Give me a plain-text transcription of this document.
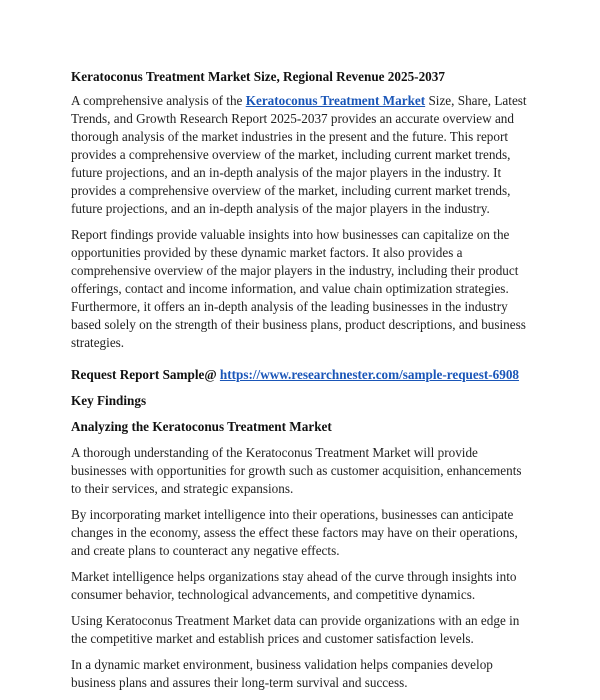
Keratoconus Treatment Market Size, Regional Revenue 2025-2037

A comprehensive analysis of the Keratoconus Treatment Market Size, Share, Latest Trends, and Growth Research Report 2025-2037 provides an accurate overview and thorough analysis of the market industries in the present and the future. This report provides a comprehensive overview of the market, including current market trends, future projections, and an in-depth analysis of the major players in the industry. It provides a comprehensive overview of the market, including current market trends, future projections, and an in-depth analysis of the major players in the industry.

Report findings provide valuable insights into how businesses can capitalize on the opportunities provided by these dynamic market factors. It also provides a comprehensive overview of the major players in the industry, including their product offerings, contact and income information, and value chain optimization strategies. Furthermore, it offers an in-depth analysis of the leading businesses in the industry based solely on the strength of their business plans, product descriptions, and business strategies.

Request Report Sample@ https://www.researchnester.com/sample-request-6908

Key Findings

Analyzing the Keratoconus Treatment Market

A thorough understanding of the Keratoconus Treatment Market will provide businesses with opportunities for growth such as customer acquisition, enhancements to their services, and strategic expansions.

By incorporating market intelligence into their operations, businesses can anticipate changes in the economy, assess the effect these factors may have on their operations, and create plans to counteract any negative effects.

Market intelligence helps organizations stay ahead of the curve through insights into consumer behavior, technological advancements, and competitive dynamics.

Using Keratoconus Treatment Market data can provide organizations with an edge in the competitive market and establish prices and customer satisfaction levels.

In a dynamic market environment, business validation helps companies develop business plans and assures their long-term survival and success.
